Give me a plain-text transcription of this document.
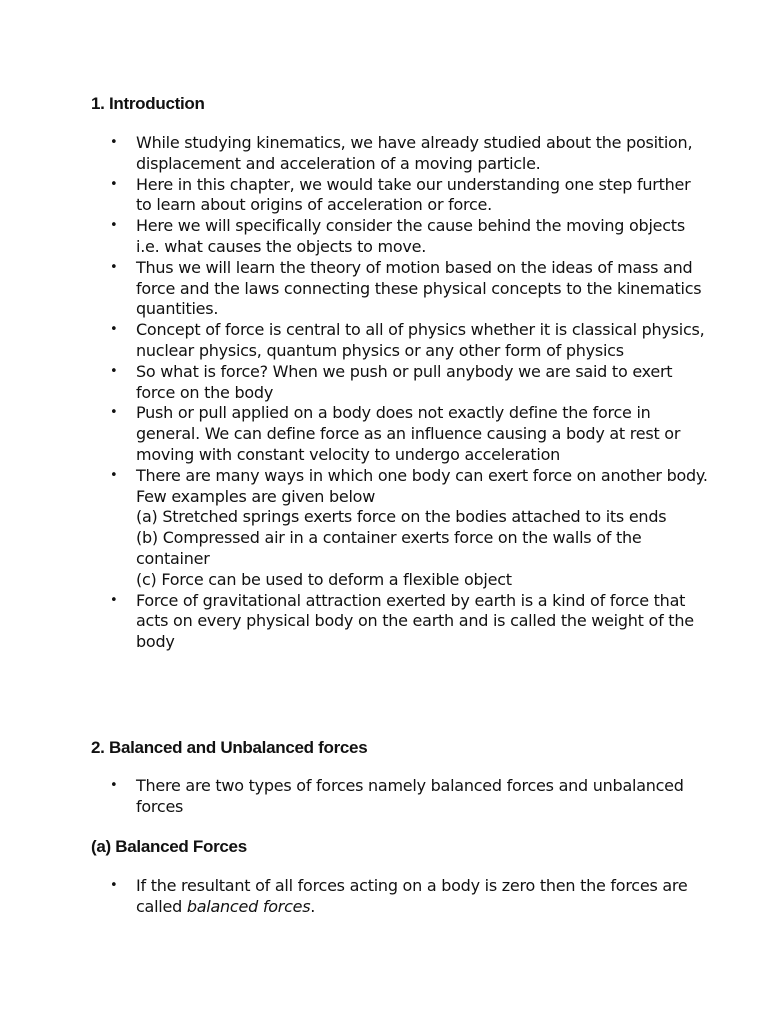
1. Introduction
•	While studying kinematics, we have already studied about the position, displacement and acceleration of a moving particle.
•	Here in this chapter, we would take our understanding one step further to learn about origins of acceleration or force.
•	Here we will specifically consider the cause behind the moving objects i.e. what causes the objects to move.
•	Thus we will learn the theory of motion based on the ideas of mass and force and the laws connecting these physical concepts to the kinematics quantities.
•	Concept of force is central to all of physics whether it is classical physics, nuclear physics, quantum physics or any other form of physics
•	So what is force? When we push or pull anybody we are said to exert force on the body
•	Push or pull applied on a body does not exactly define the force in general. We can define force as an influence causing a body at rest or moving with constant velocity to undergo acceleration
•	There are many ways in which one body can exert force on another body. Few examples are given below
(a) Stretched springs exerts force on the bodies attached to its ends
(b) Compressed air in a container exerts force on the walls of the container
(c) Force can be used to deform a flexible object
•	Force of gravitational attraction exerted by earth is a kind of force that acts on every physical body on the earth and is called the weight of the body
2. Balanced and Unbalanced forces
•	There are two types of forces namely balanced forces and unbalanced forces
(a) Balanced Forces
•	If the resultant of all forces acting on a body is zero then the forces are called balanced forces.
